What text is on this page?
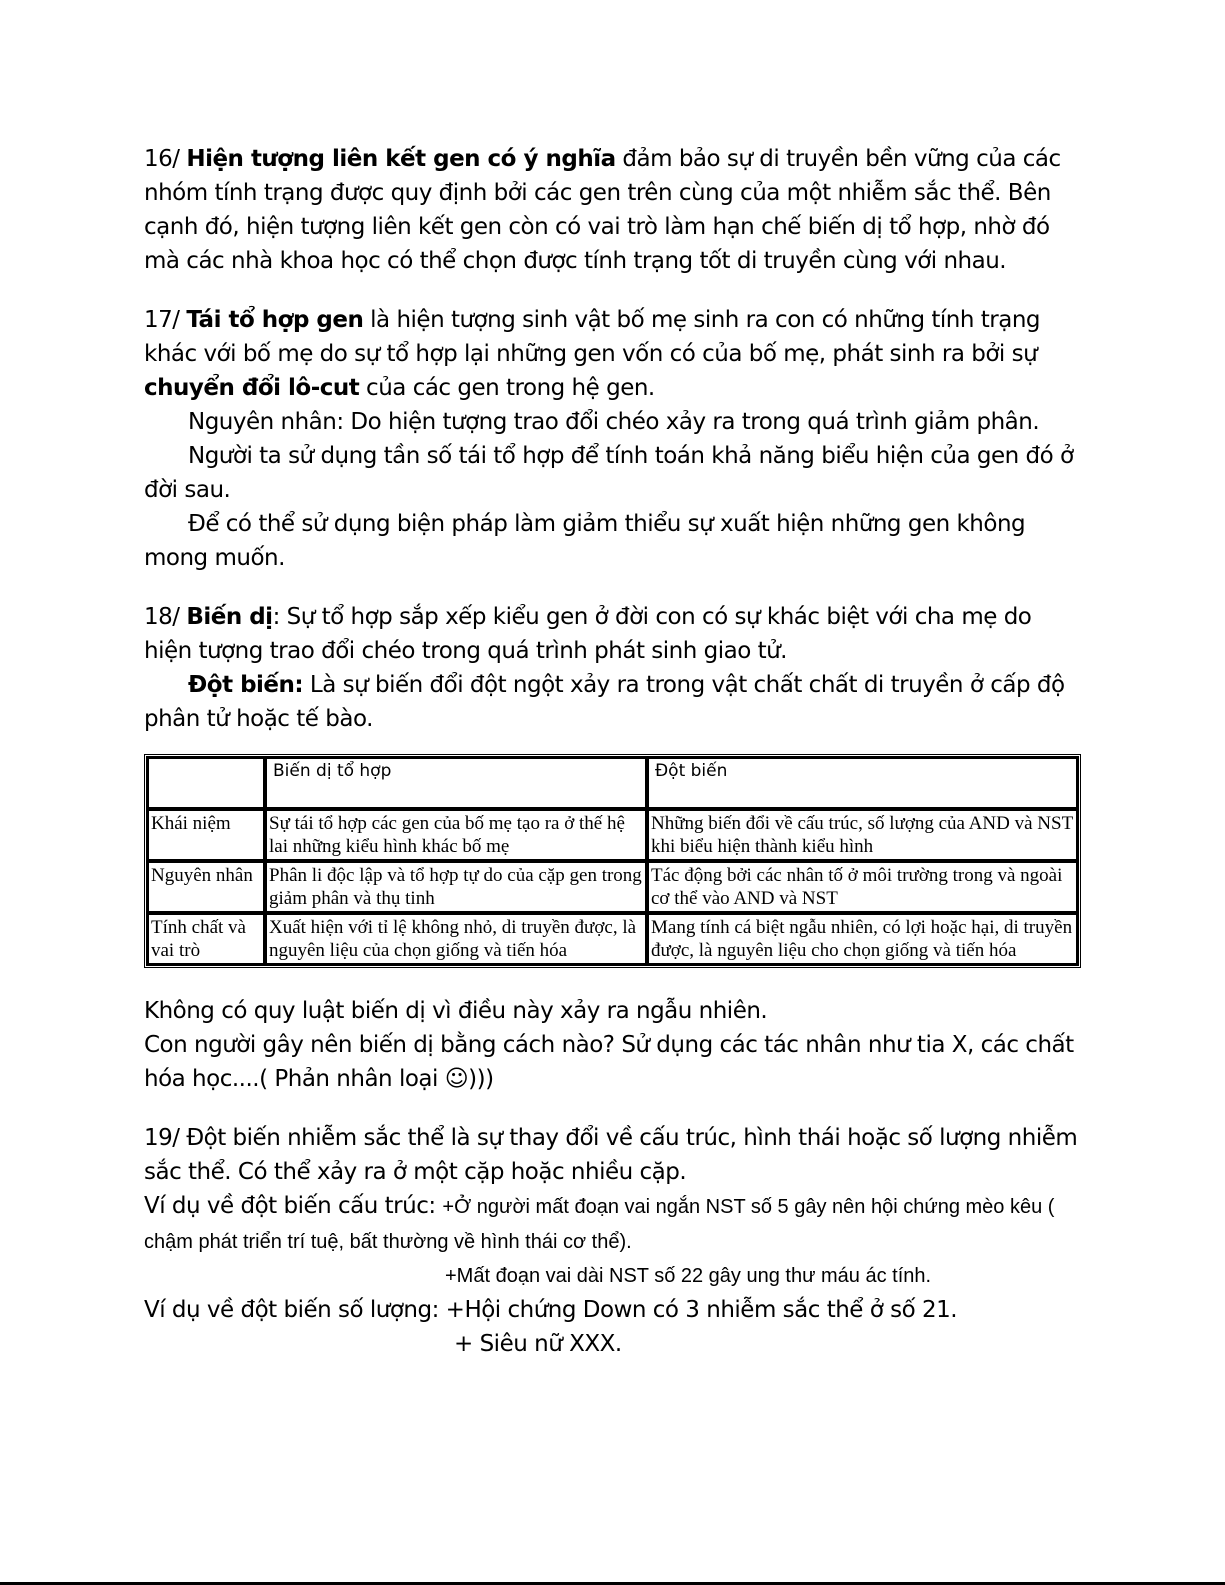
16/ Hiện tượng liên kết gen có ý nghĩa đảm bảo sự di truyền bền vững của các nhóm tính trạng được quy định bởi các gen trên cùng của một nhiễm sắc thể. Bên cạnh đó, hiện tượng liên kết gen còn có vai trò làm hạn chế biến dị tổ hợp, nhờ đó mà các nhà khoa học có thể chọn được tính trạng tốt di truyền cùng với nhau.

17/ Tái tổ hợp gen là hiện tượng sinh vật bố mẹ sinh ra con có những tính trạng khác với bố mẹ do sự tổ hợp lại những gen vốn có của bố mẹ, phát sinh ra bởi sự chuyển đổi lô-cut của các gen trong hệ gen.

Nguyên nhân: Do hiện tượng trao đổi chéo xảy ra trong quá trình giảm phân.

Người ta sử dụng tần số tái tổ hợp để tính toán khả năng biểu hiện của gen đó ở đời sau.

Để có thể sử dụng biện pháp làm giảm thiểu sự xuất hiện những gen không mong muốn.

18/ Biến dị: Sự tổ hợp sắp xếp kiểu gen ở đời con có sự khác biệt với cha mẹ do hiện tượng trao đổi chéo trong quá trình phát sinh giao tử.

Đột biến: Là sự biến đổi đột ngột xảy ra trong vật chất chất di truyền ở cấp độ phân tử hoặc tế bào.

	Biến dị tổ hợp	Đột biến
Khái niệm	Sự tái tổ hợp các gen của bố mẹ tạo ra ở thế hệ lai những kiểu hình khác bố mẹ	Những biến đổi về cấu trúc, số lượng của AND và NST khi biểu hiện thành kiểu hình
Nguyên nhân	Phân li độc lập và tổ hợp tự do của cặp gen trong giảm phân và thụ tinh	Tác động bởi các nhân tố ở môi trường trong và ngoài cơ thể vào AND và NST
Tính chất và vai trò	Xuất hiện với tỉ lệ không nhỏ, di truyền được, là nguyên liệu của chọn giống và tiến hóa	Mang tính cá biệt ngẫu nhiên, có lợi hoặc hại, di truyền được, là nguyên liệu cho chọn giống và tiến hóa

Không có quy luật biến dị vì điều này xảy ra ngẫu nhiên.

Con người gây nên biến dị bằng cách nào? Sử dụng các tác nhân như tia X, các chất hóa học....( Phản nhân loại ☺)))

19/ Đột biến nhiễm sắc thể là sự thay đổi về cấu trúc, hình thái hoặc số lượng nhiễm sắc thể. Có thể xảy ra ở một cặp hoặc nhiều cặp.

Ví dụ về đột biến cấu trúc: +Ở người mất đoạn vai ngắn NST số 5 gây nên hội chứng mèo kêu ( chậm phát triển trí tuệ, bất thường về hình thái cơ thể).

+Mất đoạn vai dài NST số 22 gây ung thư máu ác tính.

Ví dụ về đột biến số lượng: +Hội chứng Down có 3 nhiễm sắc thể ở số 21.

+ Siêu nữ XXX.
